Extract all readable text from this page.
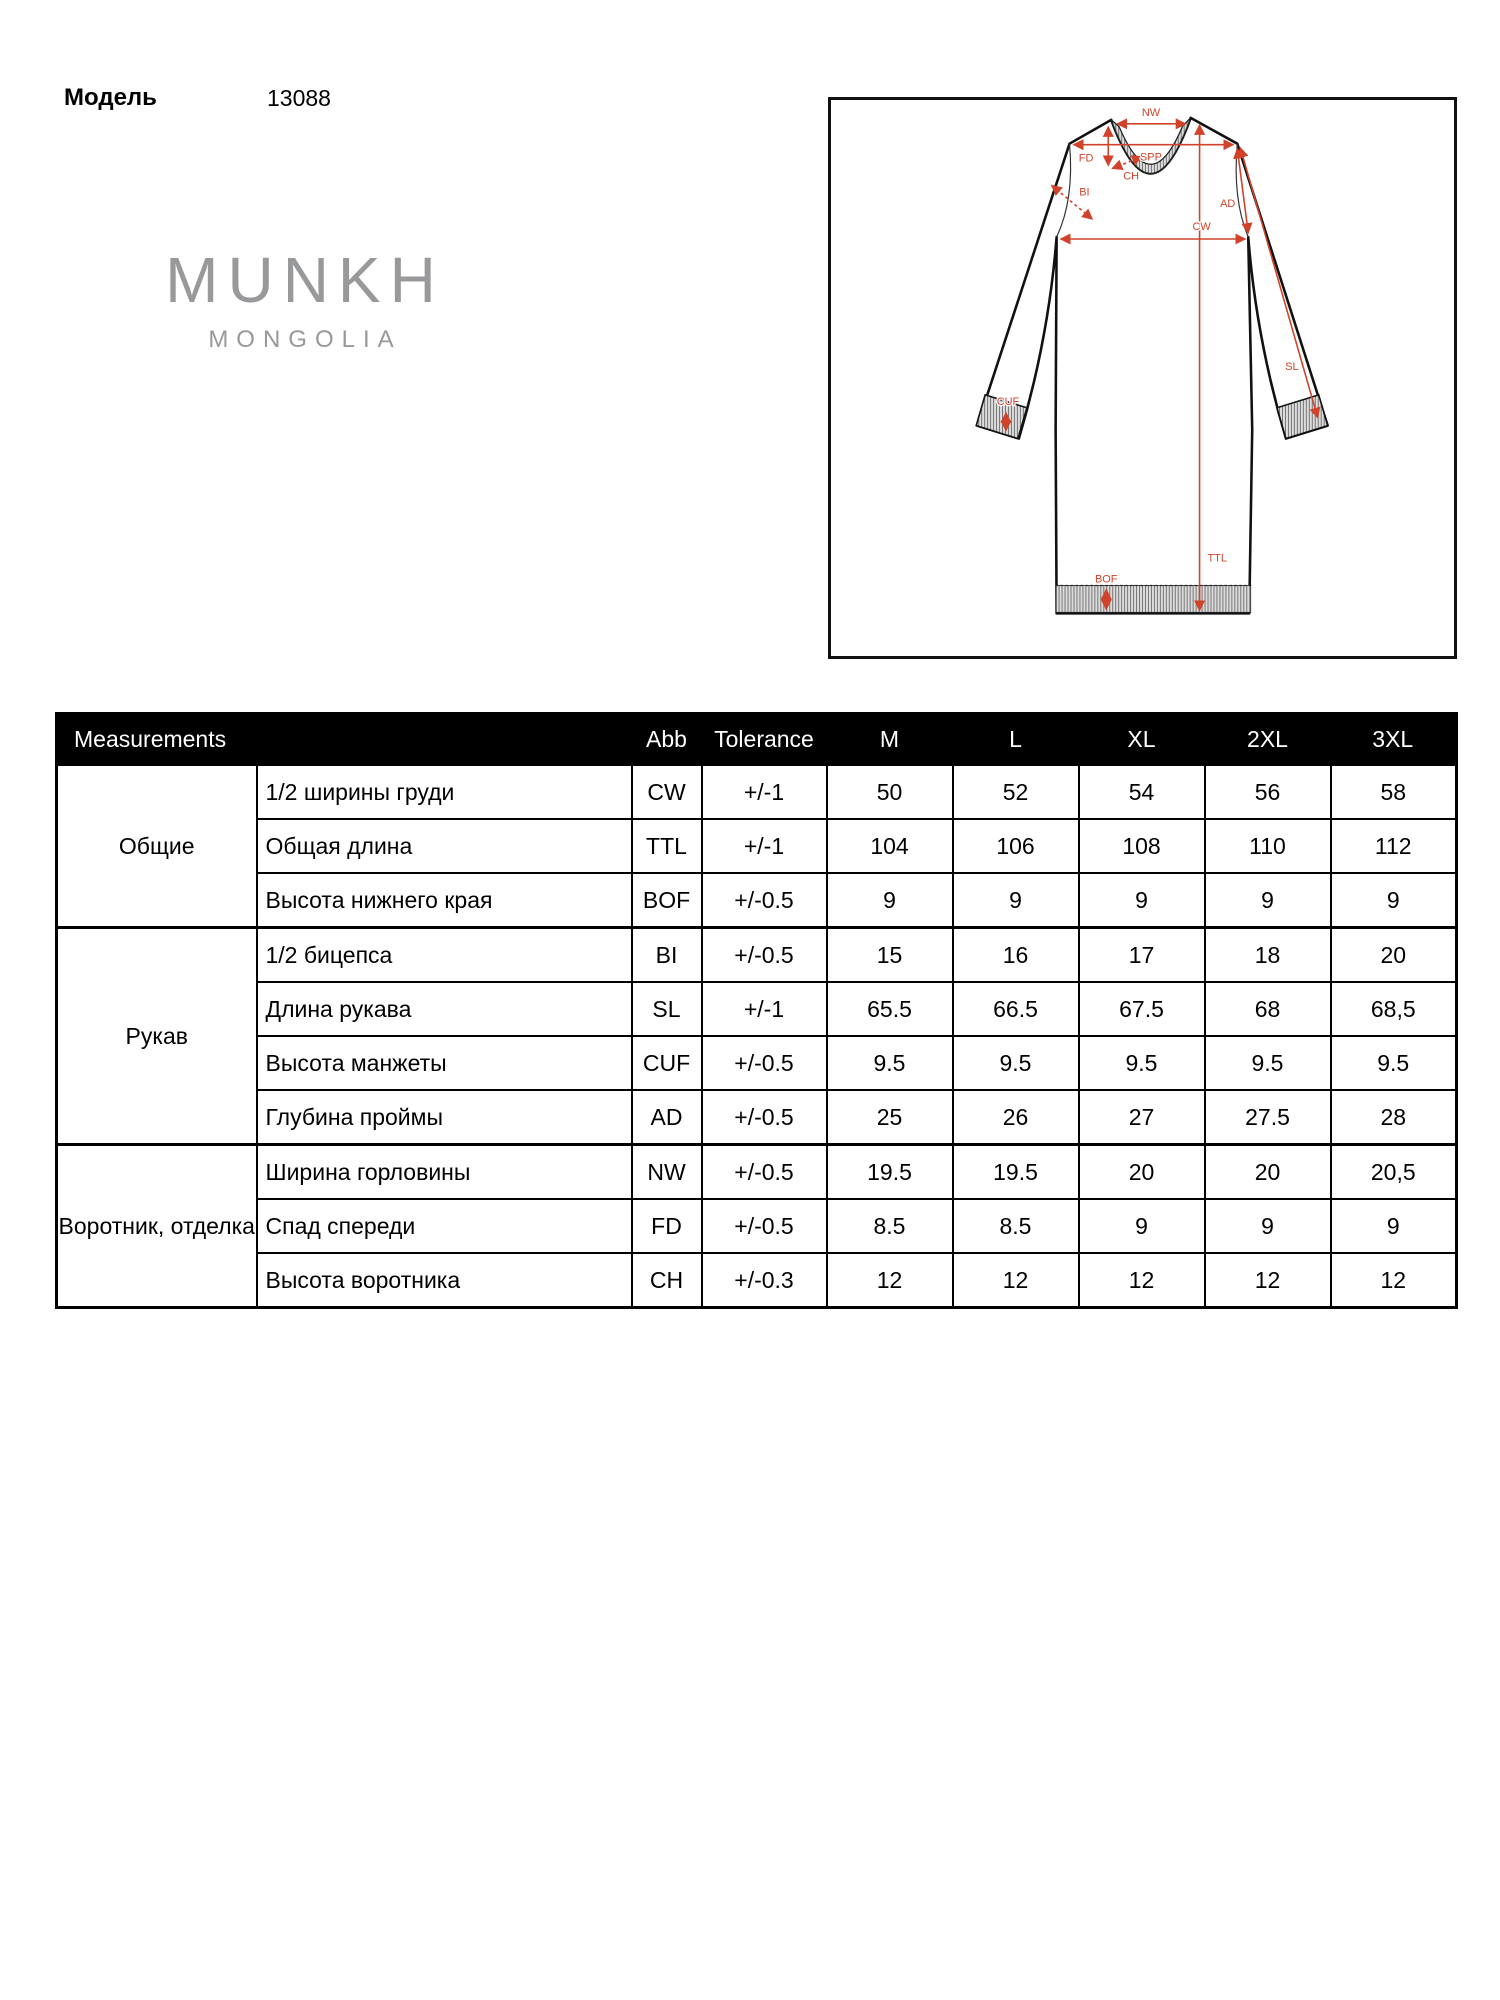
Модель	13088
MUNKH
MONGOLIA
NW
SPP
FD
CH
BI
CW
AD
SL
CUF
TTL
BOF
Measurements		Abb	Tolerance	M	L	XL	2XL	3XL
Общие	1/2 ширины груди	CW	+/-1	50	52	54	56	58
	Общая длина	TTL	+/-1	104	106	108	110	112
	Высота нижнего края	BOF	+/-0.5	9	9	9	9	9
Рукав	1/2 бицепса	BI	+/-0.5	15	16	17	18	20
	Длина рукава	SL	+/-1	65.5	66.5	67.5	68	68,5
	Высота манжеты	CUF	+/-0.5	9.5	9.5	9.5	9.5	9.5
	Глубина проймы	AD	+/-0.5	25	26	27	27.5	28
Воротник, отделка	Ширина горловины	NW	+/-0.5	19.5	19.5	20	20	20,5
	Спад спереди	FD	+/-0.5	8.5	8.5	9	9	9
	Высота воротника	CH	+/-0.3	12	12	12	12	12
